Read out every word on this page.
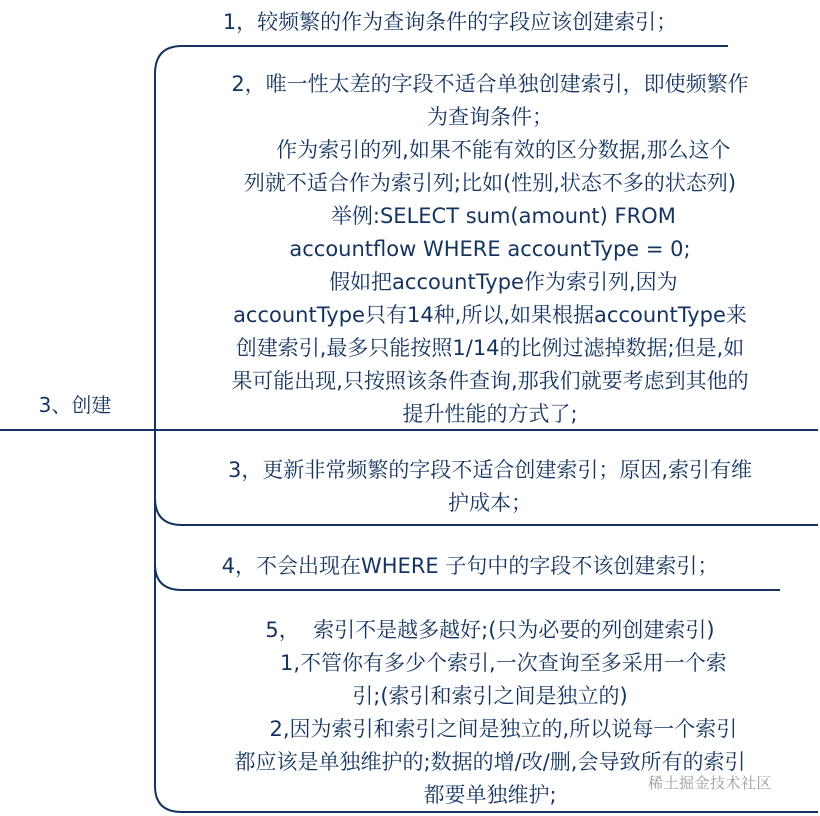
3、创建

1，较频繁的作为查询条件的字段应该创建索引；

2，唯一性太差的字段不适合单独创建索引，即使频繁作

为查询条件；

作为索引的列,如果不能有效的区分数据,那么这个

列就不适合作为索引列;比如(性别,状态不多的状态列)

举例:SELECT sum(amount) FROM

accountflow WHERE accountType = 0;

假如把accountType作为索引列,因为

accountType只有14种,所以,如果根据accountType来

创建索引,最多只能按照1/14的比例过滤掉数据;但是,如

果可能出现,只按照该条件查询,那我们就要考虑到其他的

提升性能的方式了;

3，更新非常频繁的字段不适合创建索引；原因,索引有维

护成本；

4，不会出现在WHERE 子句中的字段不该创建索引；

5，  索引不是越多越好;(只为必要的列创建索引)

1,不管你有多少个索引,一次查询至多采用一个索

引;(索引和索引之间是独立的)

2,因为索引和索引之间是独立的,所以说每一个索引

都应该是单独维护的;数据的增/改/删,会导致所有的索引

都要单独维护;	稀土掘金技术社区
